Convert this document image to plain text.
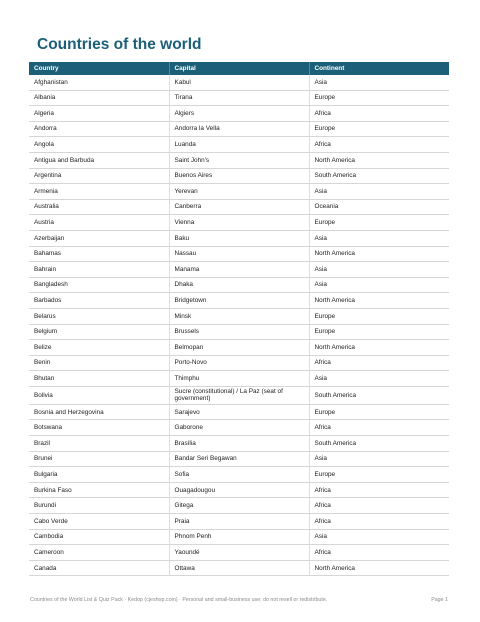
Countries of the world
Country	Capital	Continent
Afghanistan	Kabul	Asia
Albania	Tirana	Europe
Algeria	Algiers	Africa
Andorra	Andorra la Vella	Europe
Angola	Luanda	Africa
Antigua and Barbuda	Saint John's	North America
Argentina	Buenos Aires	South America
Armenia	Yerevan	Asia
Australia	Canberra	Oceania
Austria	Vienna	Europe
Azerbaijan	Baku	Asia
Bahamas	Nassau	North America
Bahrain	Manama	Asia
Bangladesh	Dhaka	Asia
Barbados	Bridgetown	North America
Belarus	Minsk	Europe
Belgium	Brussels	Europe
Belize	Belmopan	North America
Benin	Porto-Novo	Africa
Bhutan	Thimphu	Asia
Bolivia	Sucre (constitutional) / La Paz (seat of government)	South America
Bosnia and Herzegovina	Sarajevo	Europe
Botswana	Gaborone	Africa
Brazil	Brasília	South America
Brunei	Bandar Seri Begawan	Asia
Bulgaria	Sofia	Europe
Burkina Faso	Ouagadougou	Africa
Burundi	Gitega	Africa
Cabo Verde	Praia	Africa
Cambodia	Phnom Penh	Asia
Cameroon	Yaoundé	Africa
Canada	Ottawa	North America
Countries of the World List & Quiz Pack · Kedop (cjeshop.com) · Personal and small-business use; do not resell or redistribute.	Page 1
